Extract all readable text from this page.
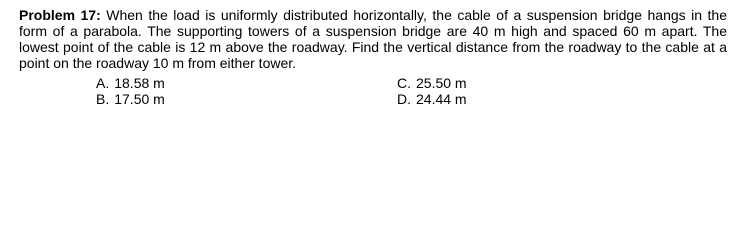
Problem 17: When the load is uniformly distributed horizontally, the cable of a suspension bridge hangs in the form of a parabola. The supporting towers of a suspension bridge are 40 m high and spaced 60 m apart. The lowest point of the cable is 12 m above the roadway. Find the vertical distance from the roadway to the cable at a point on the roadway 10 m from either tower.
A. 18.58 m
B. 17.50 m
C. 25.50 m
D. 24.44 m
